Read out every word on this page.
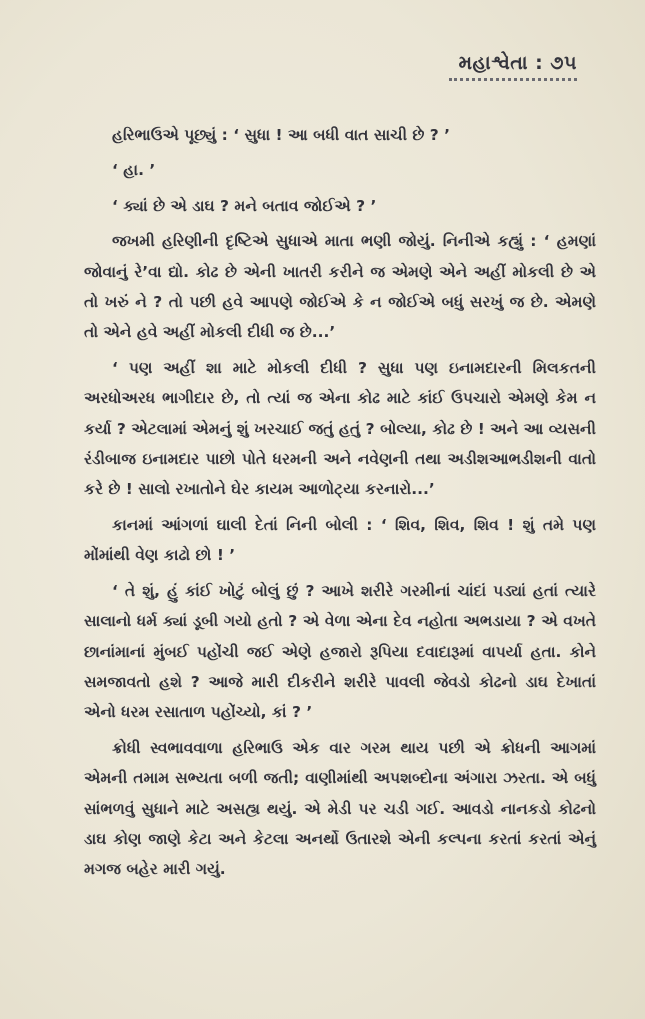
મહાશ્વેતા : ૭૫

હરિભાઉએ પૂછ્યું : ‘ સુધા ! આ બધી વાત સાચી છે ? ’

‘ હા. ’

‘ ક્યાં છે એ ડાઘ ? મને બતાવ જોઈએ ? ’

જખમી હરિણીની દૃષ્ટિએ સુધાએ માતા ભણી જોયું. નિનીએ કહ્યું : ‘ હમણાં જોવાનું રે’વા દ્યો. કોઢ છે એની ખાતરી કરીને જ એમણે એને અહીં મોકલી છે એ તો ખરું ને ? તો પછી હવે આપણે જોઈએ કે ન જોઈએ બધું સરખું જ છે. એમણે તો એને હવે અહીં મોકલી દીધી જ છે...’

‘ પણ અહીં શા માટે મોકલી દીધી ? સુધા પણ ઇનામદારની મિલકતની અરધોઅરધ ભાગીદાર છે, તો ત્યાં જ એના કોઢ માટે કાંઈ ઉપચારો એમણે કેમ ન કર્યા ? એટલામાં એમનું શું ખરચાઈ જતું હતું ? બોલ્યા, કોઢ છે ! અને આ વ્યસની રંડીબાજ ઇનામદાર પાછો પોતે ધરમની અને નવેણની તથા અડીશઆભડીશની વાતો કરે છે ! સાલો રખાતોને ઘેર કાયમ આળોટ્યા કરનારો...’

કાનમાં આંગળાં ઘાલી દેતાં નિની બોલી : ‘ શિવ, શિવ, શિવ ! શું તમે પણ મોંમાંથી વેણ કાઢો છો ! ’

‘ તે શું, હું કાંઈ ખોટું બોલું છું ? આખે શરીરે ગરમીનાં ચાંદાં પડ્યાં હતાં ત્યારે સાલાનો ધર્મ ક્યાં ડૂબી ગયો હતો ? એ વેળા એના દેવ નહોતા અભડાયા ? એ વખતે છાનાંમાનાં મુંબઈ પહોંચી જઈ એણે હજારો રૂપિયા દવાદારૂમાં વાપર્યા હતા. કોને સમજાવતો હશે ? આજે મારી દીકરીને શરીરે પાવલી જેવડો કોઢનો ડાઘ દેખાતાં એનો ધરમ રસાતાળ પહોંચ્યો, કાં ? ’

ક્રોધી સ્વભાવવાળા હરિભાઉ એક વાર ગરમ થાય પછી એ ક્રોધની આગમાં એમની તમામ સભ્યતા બળી જતી; વાણીમાંથી અપશબ્દોના અંગારા ઝરતા. એ બધું સાંભળવું સુધાને માટે અસહ્ય થયું. એ મેડી પર ચડી ગઈ. આવડો નાનકડો કોઢનો ડાઘ કોણ જાણે કેટા અને કેટલા અનર્થો ઉતારશે એની કલ્પના કરતાં કરતાં એનું મગજ બહેર મારી ગયું.
